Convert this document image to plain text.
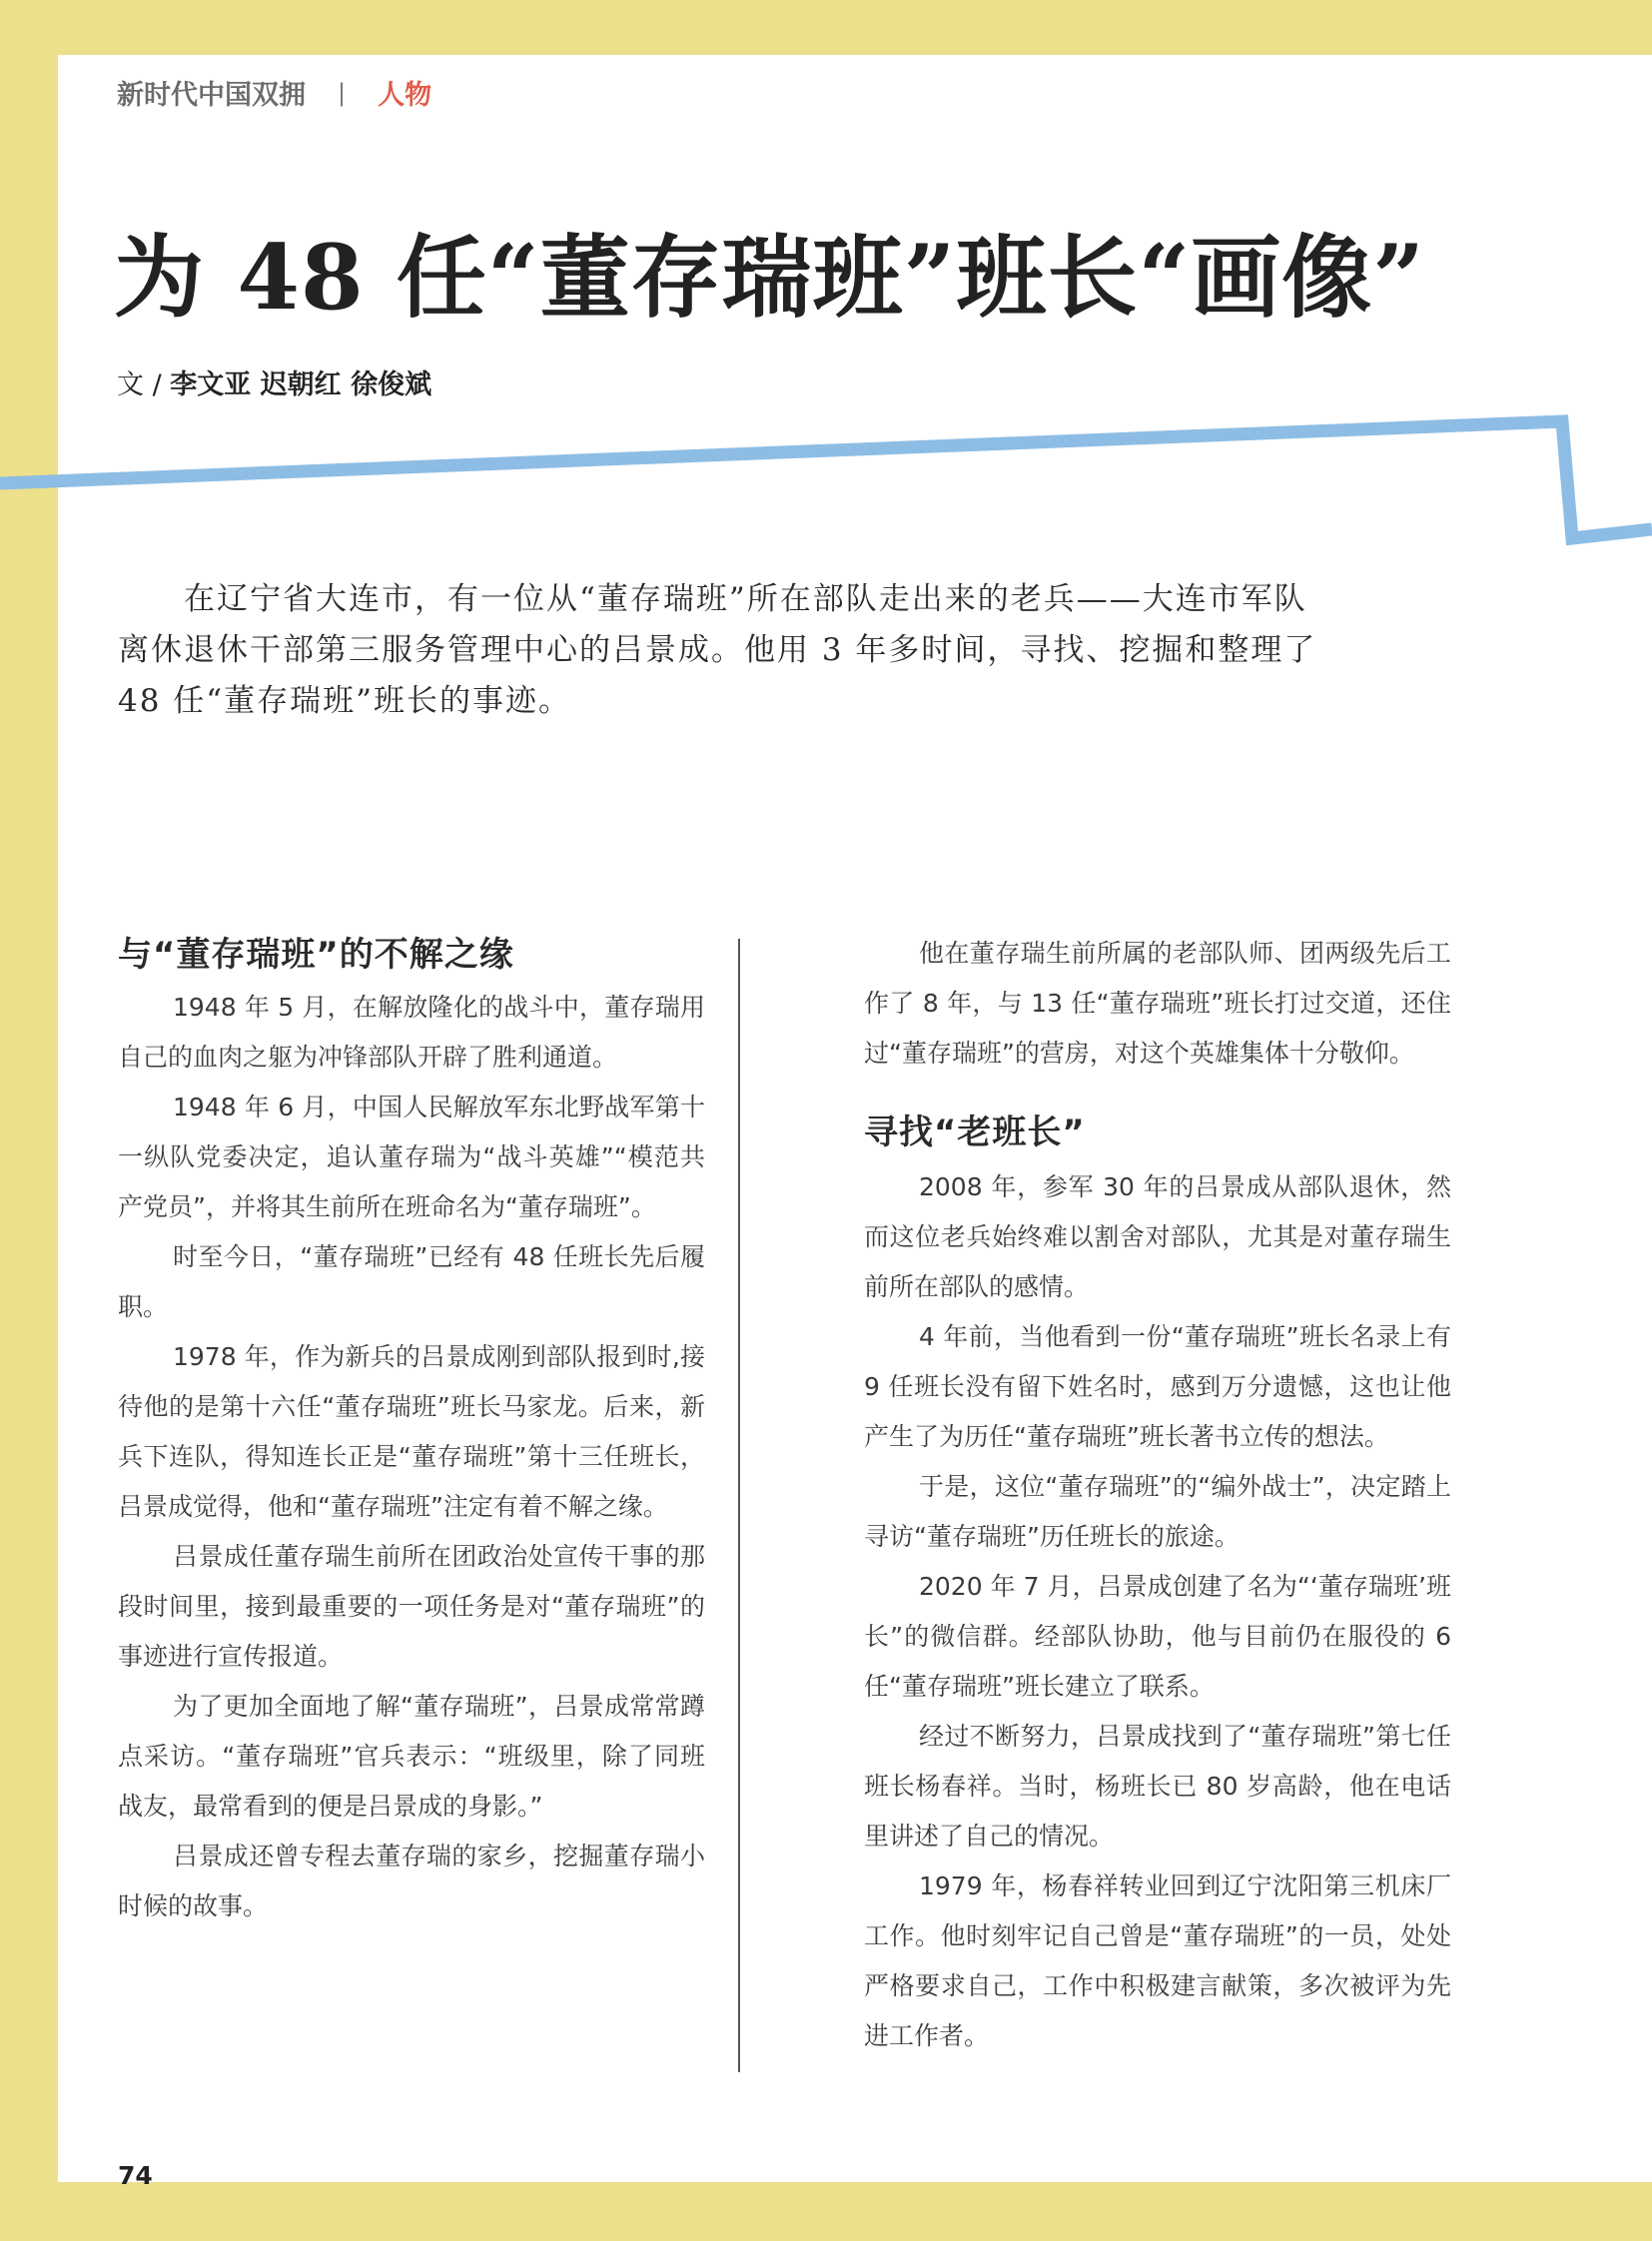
新时代中国双拥 | 人物
为 48 任“董存瑞班”班长“画像”
文 / 李文亚 迟朝红 徐俊斌

在辽宁省大连市，有一位从“董存瑞班”所在部队走出来的老兵——大连市军队离休退休干部第三服务管理中心的吕景成。他用 3 年多时间，寻找、挖掘和整理了 48 任“董存瑞班”班长的事迹。

与“董存瑞班”的不解之缘

1948 年 5 月，在解放隆化的战斗中，董存瑞用自己的血肉之躯为冲锋部队开辟了胜利通道。

1948 年 6 月，中国人民解放军东北野战军第十一纵队党委决定，追认董存瑞为“战斗英雄”“模范共产党员”，并将其生前所在班命名为“董存瑞班”。

时至今日，“董存瑞班”已经有 48 任班长先后履职。

1978 年，作为新兵的吕景成刚到部队报到时,接待他的是第十六任“董存瑞班”班长马家龙。后来，新兵下连队，得知连长正是“董存瑞班”第十三任班长，吕景成觉得，他和“董存瑞班”注定有着不解之缘。

吕景成任董存瑞生前所在团政治处宣传干事的那段时间里，接到最重要的一项任务是对“董存瑞班”的事迹进行宣传报道。

为了更加全面地了解“董存瑞班”，吕景成常常蹲点采访。“董存瑞班”官兵表示：“班级里，除了同班战友，最常看到的便是吕景成的身影。”

吕景成还曾专程去董存瑞的家乡，挖掘董存瑞小时候的故事。

他在董存瑞生前所属的老部队师、团两级先后工作了 8 年，与 13 任“董存瑞班”班长打过交道，还住过“董存瑞班”的营房，对这个英雄集体十分敬仰。

寻找“老班长”

2008 年，参军 30 年的吕景成从部队退休，然而这位老兵始终难以割舍对部队，尤其是对董存瑞生前所在部队的感情。

4 年前，当他看到一份“董存瑞班”班长名录上有 9 任班长没有留下姓名时，感到万分遗憾，这也让他产生了为历任“董存瑞班”班长著书立传的想法。

于是，这位“董存瑞班”的“编外战士”，决定踏上寻访“董存瑞班”历任班长的旅途。

2020 年 7 月，吕景成创建了名为“‘董存瑞班’班长”的微信群。经部队协助，他与目前仍在服役的 6 任“董存瑞班”班长建立了联系。

经过不断努力，吕景成找到了“董存瑞班”第七任班长杨春祥。当时，杨班长已 80 岁高龄，他在电话里讲述了自己的情况。

1979 年，杨春祥转业回到辽宁沈阳第三机床厂工作。他时刻牢记自己曾是“董存瑞班”的一员，处处严格要求自己，工作中积极建言献策，多次被评为先进工作者。

74
